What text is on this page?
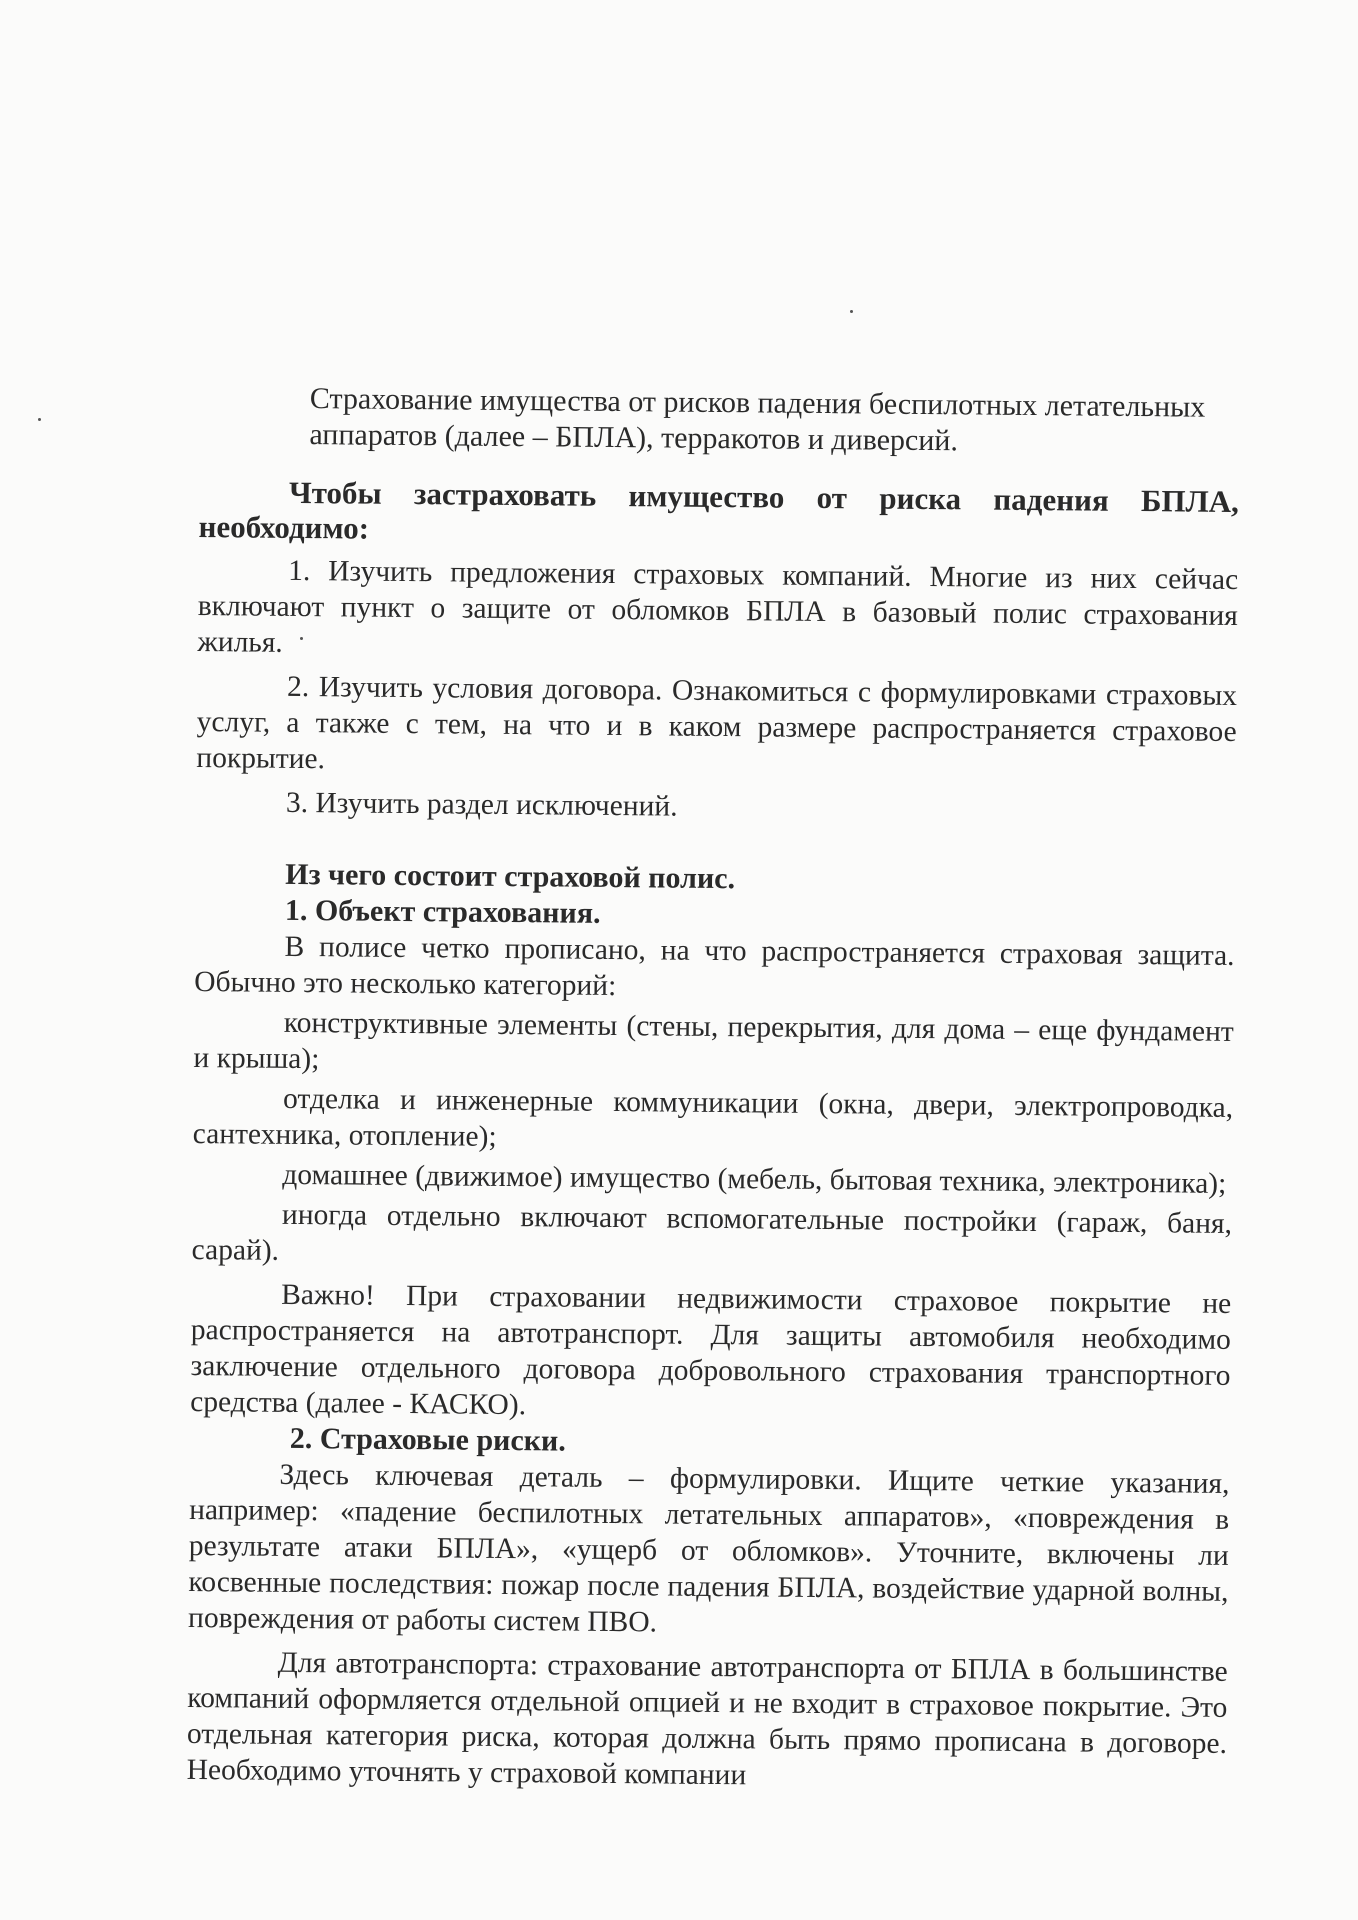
Страхование имущества от рисков падения беспилотных летательных аппаратов (далее – БПЛА), терракотов и диверсий.

Чтобы застраховать имущество от риска падения БПЛА,

необходимо:

1. Изучить предложения страховых компаний. Многие из них сейчас включают пункт о защите от обломков БПЛА в базовый полис страхования жилья.

2. Изучить условия договора. Ознакомиться с формулировками страховых услуг, а также с тем, на что и в каком размере распространяется страховое покрытие.

3. Изучить раздел исключений.

Из чего состоит страховой полис.

1. Объект страхования.

В полисе четко прописано, на что распространяется страховая защита. Обычно это несколько категорий:

конструктивные элементы (стены, перекрытия, для дома – еще фундамент и крыша);

отделка и инженерные коммуникации (окна, двери, электропроводка, сантехника, отопление);

домашнее (движимое) имущество (мебель, бытовая техника, электроника);

иногда отдельно включают вспомогательные постройки (гараж, баня, сарай).

Важно! При страховании недвижимости страховое покрытие не распространяется на автотранспорт. Для защиты автомобиля необходимо заключение отдельного договора добровольного страхования транспортного средства (далее - КАСКО).

2. Страховые риски.

Здесь ключевая деталь – формулировки. Ищите четкие указания, например: «падение беспилотных летательных аппаратов», «повреждения в результате атаки БПЛА», «ущерб от обломков». Уточните, включены ли косвенные последствия: пожар после падения БПЛА, воздействие ударной волны, повреждения от работы систем ПВО.

Для автотранспорта: страхование автотранспорта от БПЛА в большинстве компаний оформляется отдельной опцией и не входит в страховое покрытие. Это отдельная категория риска, которая должна быть прямо прописана в договоре. Необходимо уточнять у страховой компании
